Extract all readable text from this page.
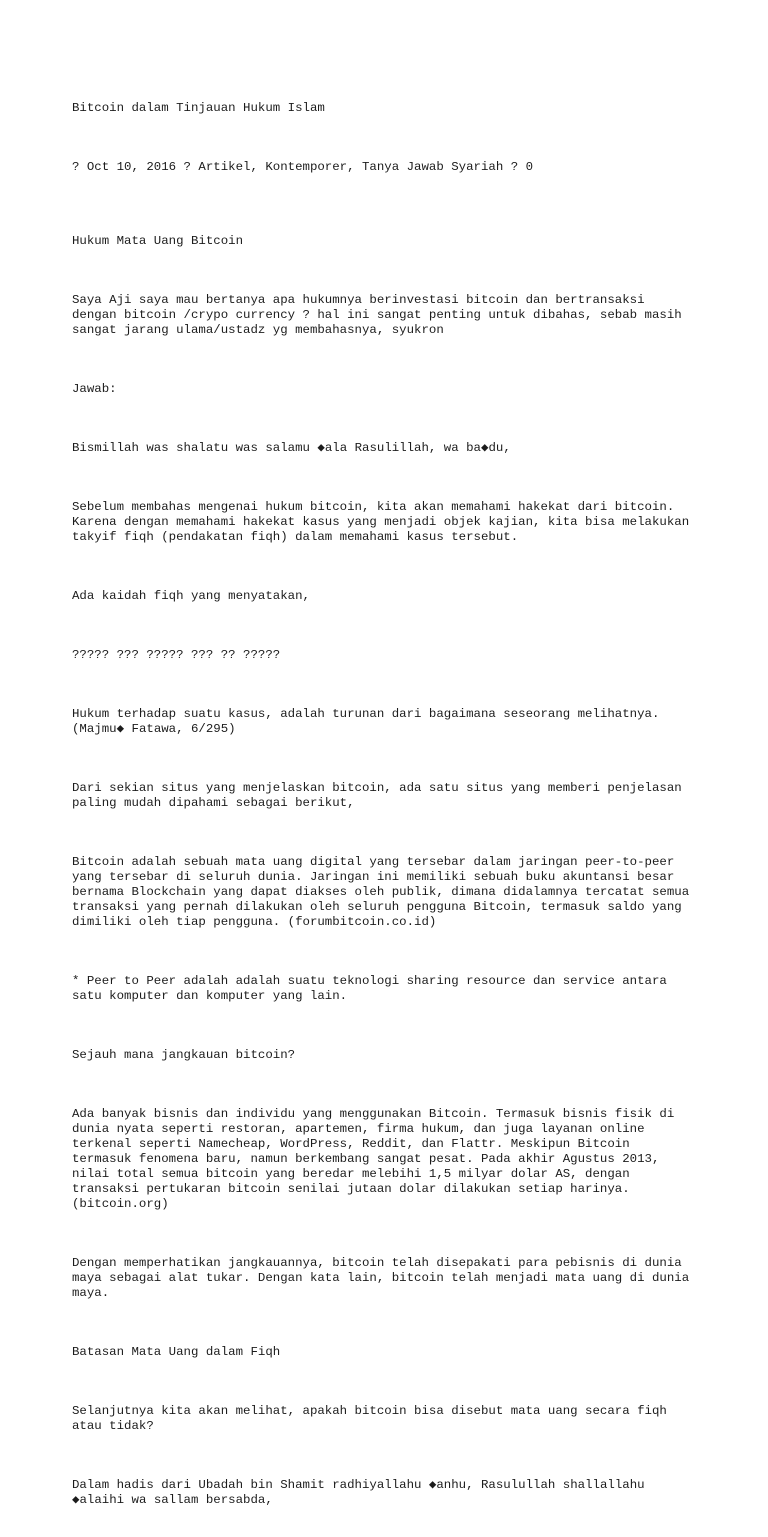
Bitcoin dalam Tinjauan Hukum Islam

? Oct 10, 2016 ? Artikel, Kontemporer, Tanya Jawab Syariah ? 0

Hukum Mata Uang Bitcoin

Saya Aji saya mau bertanya apa hukumnya berinvestasi bitcoin dan bertransaksi
dengan bitcoin /crypo currency ? hal ini sangat penting untuk dibahas, sebab masih
sangat jarang ulama/ustadz yg membahasnya, syukron

Jawab:

Bismillah was shalatu was salamu ◆ala Rasulillah, wa ba◆du,

Sebelum membahas mengenai hukum bitcoin, kita akan memahami hakekat dari bitcoin.
Karena dengan memahami hakekat kasus yang menjadi objek kajian, kita bisa melakukan
takyif fiqh (pendakatan fiqh) dalam memahami kasus tersebut.

Ada kaidah fiqh yang menyatakan,

????? ??? ????? ??? ?? ?????

Hukum terhadap suatu kasus, adalah turunan dari bagaimana seseorang melihatnya.
(Majmu◆ Fatawa, 6/295)

Dari sekian situs yang menjelaskan bitcoin, ada satu situs yang memberi penjelasan
paling mudah dipahami sebagai berikut,

Bitcoin adalah sebuah mata uang digital yang tersebar dalam jaringan peer-to-peer
yang tersebar di seluruh dunia. Jaringan ini memiliki sebuah buku akuntansi besar
bernama Blockchain yang dapat diakses oleh publik, dimana didalamnya tercatat semua
transaksi yang pernah dilakukan oleh seluruh pengguna Bitcoin, termasuk saldo yang
dimiliki oleh tiap pengguna. (forumbitcoin.co.id)

* Peer to Peer adalah adalah suatu teknologi sharing resource dan service antara
satu komputer dan komputer yang lain.

Sejauh mana jangkauan bitcoin?

Ada banyak bisnis dan individu yang menggunakan Bitcoin. Termasuk bisnis fisik di
dunia nyata seperti restoran, apartemen, firma hukum, dan juga layanan online
terkenal seperti Namecheap, WordPress, Reddit, dan Flattr. Meskipun Bitcoin
termasuk fenomena baru, namun berkembang sangat pesat. Pada akhir Agustus 2013,
nilai total semua bitcoin yang beredar melebihi 1,5 milyar dolar AS, dengan
transaksi pertukaran bitcoin senilai jutaan dolar dilakukan setiap harinya.
(bitcoin.org)

Dengan memperhatikan jangkauannya, bitcoin telah disepakati para pebisnis di dunia
maya sebagai alat tukar. Dengan kata lain, bitcoin telah menjadi mata uang di dunia
maya.

Batasan Mata Uang dalam Fiqh

Selanjutnya kita akan melihat, apakah bitcoin bisa disebut mata uang secara fiqh
atau tidak?

Dalam hadis dari Ubadah bin Shamit radhiyallahu ◆anhu, Rasulullah shallallahu
◆alaihi wa sallam bersabda,
